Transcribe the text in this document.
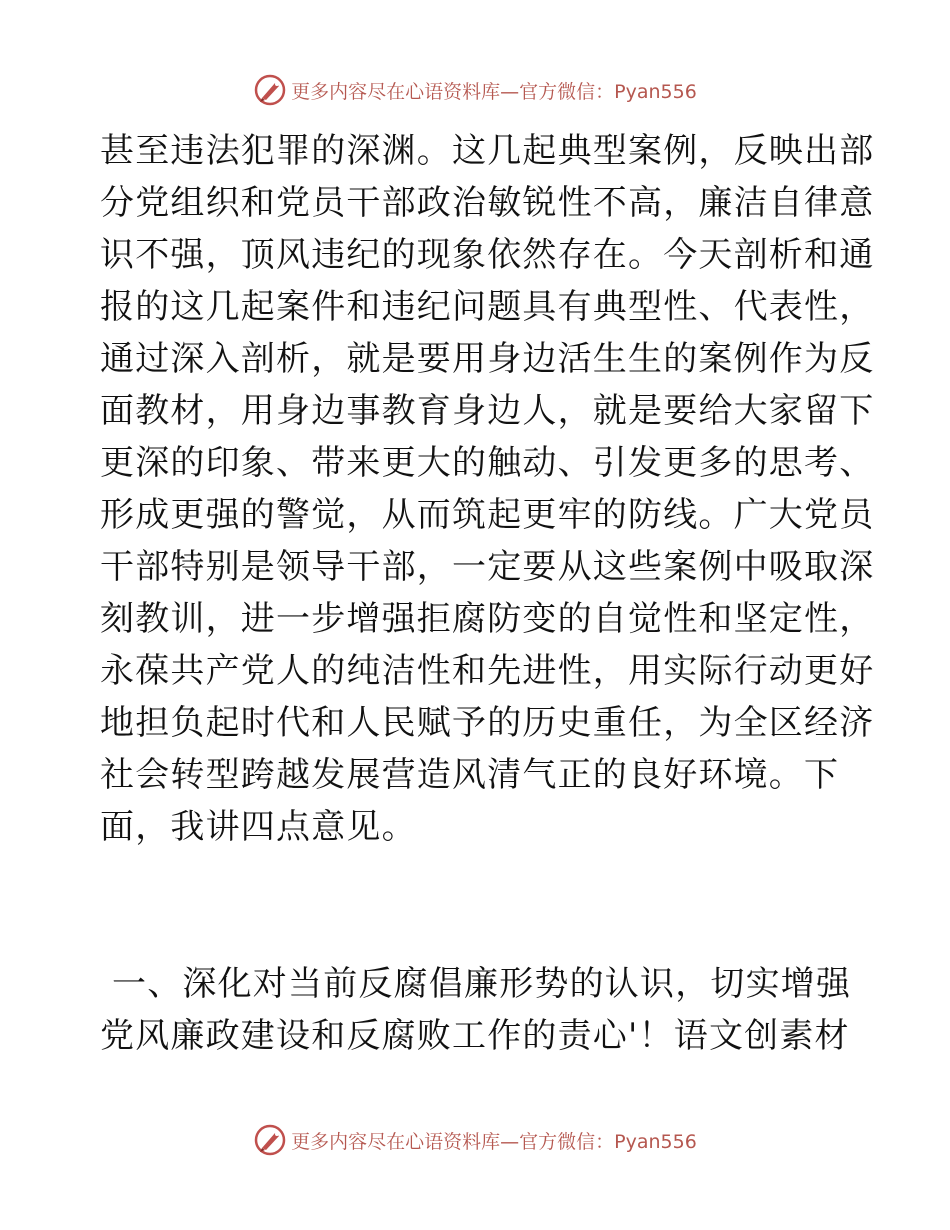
更多内容尽在心语资料库—官方微信：Pyan556
甚至违法犯罪的深渊。这几起典型案例，反映出部
分党组织和党员干部政治敏锐性不高，廉洁自律意
识不强，顶风违纪的现象依然存在。今天剖析和通
报的这几起案件和违纪问题具有典型性、代表性，
通过深入剖析，就是要用身边活生生的案例作为反
面教材，用身边事教育身边人，就是要给大家留下
更深的印象、带来更大的触动、引发更多的思考、
形成更强的警觉，从而筑起更牢的防线。广大党员
干部特别是领导干部，一定要从这些案例中吸取深
刻教训，进一步增强拒腐防变的自觉性和坚定性，
永葆共产党人的纯洁性和先进性，用实际行动更好
地担负起时代和人民赋予的历史重任，为全区经济
社会转型跨越发展营造风清气正的良好环境。下
面，我讲四点意见。
一、深化对当前反腐倡廉形势的认识，切实增强
党风廉政建设和反腐败工作的责心'！语文创素材
更多内容尽在心语资料库—官方微信：Pyan556
